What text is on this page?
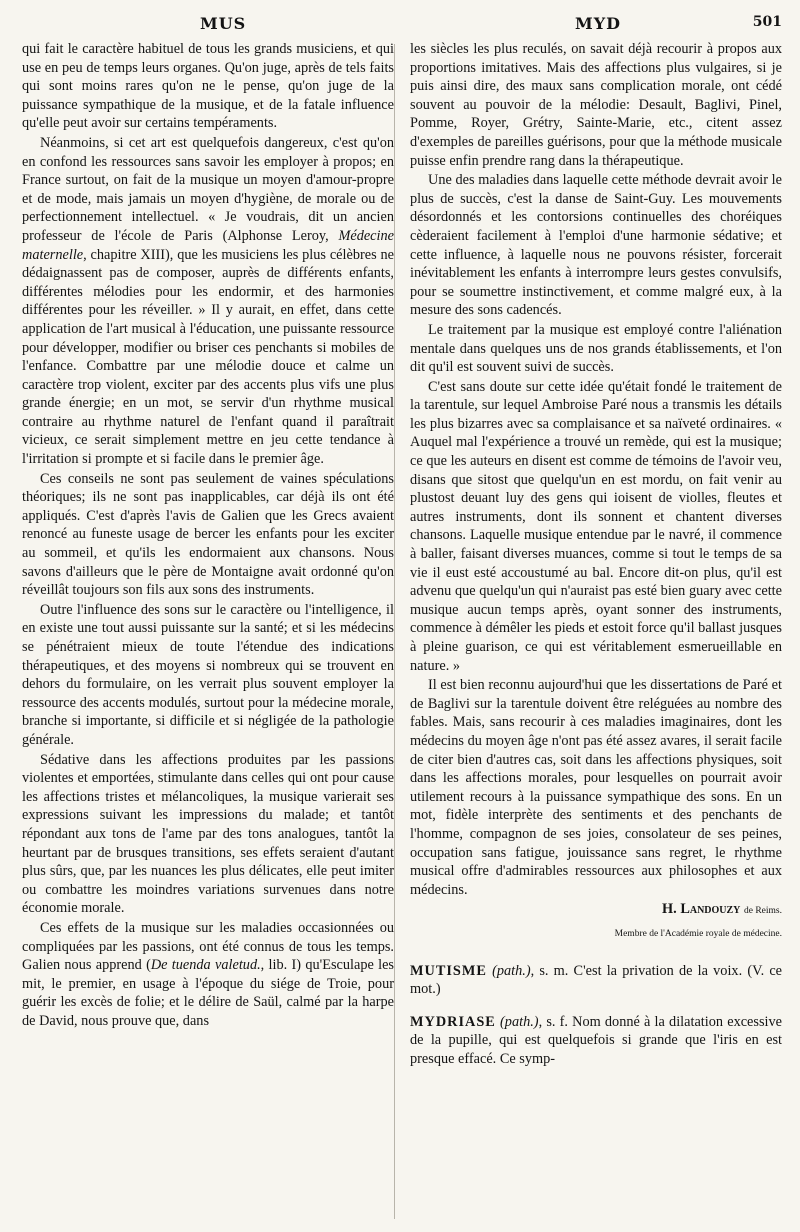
MUS	MYD	501

qui fait le caractère habituel de tous les grands musiciens, et qui use en peu de temps leurs organes. Qu'on juge, après de tels faits qui sont moins rares qu'on ne le pense, qu'on juge de la puissance sympathique de la musique, et de la fatale influence qu'elle peut avoir sur certains tempéraments.

Néanmoins, si cet art est quelquefois dangereux, c'est qu'on en confond les ressources sans savoir les employer à propos; en France surtout, on fait de la musique un moyen d'amour-propre et de mode, mais jamais un moyen d'hygiène, de morale ou de perfectionnement intellectuel. « Je voudrais, dit un ancien professeur de l'école de Paris (Alphonse Leroy, Médecine maternelle, chapitre XIII), que les musiciens les plus célèbres ne dédaignassent pas de composer, auprès de différents enfants, différentes mélodies pour les endormir, et des harmonies différentes pour les réveiller. » Il y aurait, en effet, dans cette application de l'art musical à l'éducation, une puissante ressource pour développer, modifier ou briser ces penchants si mobiles de l'enfance. Combattre par une mélodie douce et calme un caractère trop violent, exciter par des accents plus vifs une plus grande énergie; en un mot, se servir d'un rhythme musical contraire au rhythme naturel de l'enfant quand il paraîtrait vicieux, ce serait simplement mettre en jeu cette tendance à l'irritation si prompte et si facile dans le premier âge.

Ces conseils ne sont pas seulement de vaines spéculations théoriques; ils ne sont pas inapplicables, car déjà ils ont été appliqués. C'est d'après l'avis de Galien que les Grecs avaient renoncé au funeste usage de bercer les enfants pour les exciter au sommeil, et qu'ils les endormaient aux chansons. Nous savons d'ailleurs que le père de Montaigne avait ordonné qu'on réveillât toujours son fils aux sons des instruments.

Outre l'influence des sons sur le caractère ou l'intelligence, il en existe une tout aussi puissante sur la santé; et si les médecins se pénétraient mieux de toute l'étendue des indications thérapeutiques, et des moyens si nombreux qui se trouvent en dehors du formulaire, on les verrait plus souvent employer la ressource des accents modulés, surtout pour la médecine morale, branche si importante, si difficile et si négligée de la pathologie générale.

Sédative dans les affections produites par les passions violentes et emportées, stimulante dans celles qui ont pour cause les affections tristes et mélancoliques, la musique varierait ses expressions suivant les impressions du malade; et tantôt répondant aux tons de l'ame par des tons analogues, tantôt la heurtant par de brusques transitions, ses effets seraient d'autant plus sûrs, que, par les nuances les plus délicates, elle peut imiter ou combattre les moindres variations survenues dans notre économie morale.

Ces effets de la musique sur les maladies occasionnées ou compliquées par les passions, ont été connus de tous les temps. Galien nous apprend (De tuenda valetud., lib. I) qu'Esculape les mit, le premier, en usage à l'époque du siége de Troie, pour guérir les excès de folie; et le délire de Saül, calmé par la harpe de David, nous prouve que, dans

les siècles les plus reculés, on savait déjà recourir à propos aux proportions imitatives. Mais des affections plus vulgaires, si je puis ainsi dire, des maux sans complication morale, ont cédé souvent au pouvoir de la mélodie: Desault, Baglivi, Pinel, Pomme, Royer, Grétry, Sainte-Marie, etc., citent assez d'exemples de pareilles guérisons, pour que la méthode musicale puisse enfin prendre rang dans la thérapeutique.

Une des maladies dans laquelle cette méthode devrait avoir le plus de succès, c'est la danse de Saint-Guy. Les mouvements désordonnés et les contorsions continuelles des choréiques cèderaient facilement à l'emploi d'une harmonie sédative; et cette influence, à laquelle nous ne pouvons résister, forcerait inévitablement les enfants à interrompre leurs gestes convulsifs, pour se soumettre instinctivement, et comme malgré eux, à la mesure des sons cadencés.

Le traitement par la musique est employé contre l'aliénation mentale dans quelques uns de nos grands établissements, et l'on dit qu'il est souvent suivi de succès.

C'est sans doute sur cette idée qu'était fondé le traitement de la tarentule, sur lequel Ambroise Paré nous a transmis les détails les plus bizarres avec sa complaisance et sa naïveté ordinaires. « Auquel mal l'expérience a trouvé un remède, qui est la musique; ce que les auteurs en disent est comme de témoins de l'avoir veu, disans que sitost que quelqu'un en est mordu, on fait venir au plustost deuant luy des gens qui ioisent de violles, fleutes et autres instruments, dont ils sonnent et chantent diverses chansons. Laquelle musique entendue par le navré, il commence à baller, faisant diverses muances, comme si tout le temps de sa vie il eust esté accoustumé au bal. Encore dit-on plus, qu'il est advenu que quelqu'un qui n'auraist pas esté bien guary avec cette musique aucun temps après, oyant sonner des instruments, commence à démêler les pieds et estoit force qu'il ballast jusques à pleine guarison, ce qui est véritablement esmerueillable en nature. »

Il est bien reconnu aujourd'hui que les dissertations de Paré et de Baglivi sur la tarentule doivent être reléguées au nombre des fables. Mais, sans recourir à ces maladies imaginaires, dont les médecins du moyen âge n'ont pas été assez avares, il serait facile de citer bien d'autres cas, soit dans les affections physiques, soit dans les affections morales, pour lesquelles on pourrait avoir utilement recours à la puissance sympathique des sons. En un mot, fidèle interprète des sentiments et des penchants de l'homme, compagnon de ses joies, consolateur de ses peines, occupation sans fatigue, jouissance sans regret, le rhythme musical offre d'admirables ressources aux philosophes et aux médecins.

H. Landouzy de Reims.
Membre de l'Académie royale de médecine.

MUTISME (path.), s. m. C'est la privation de la voix. (V. ce mot.)

MYDRIASE (path.), s. f. Nom donné à la dilatation excessive de la pupille, qui est quelquefois si grande que l'iris en est presque effacé. Ce symp-
